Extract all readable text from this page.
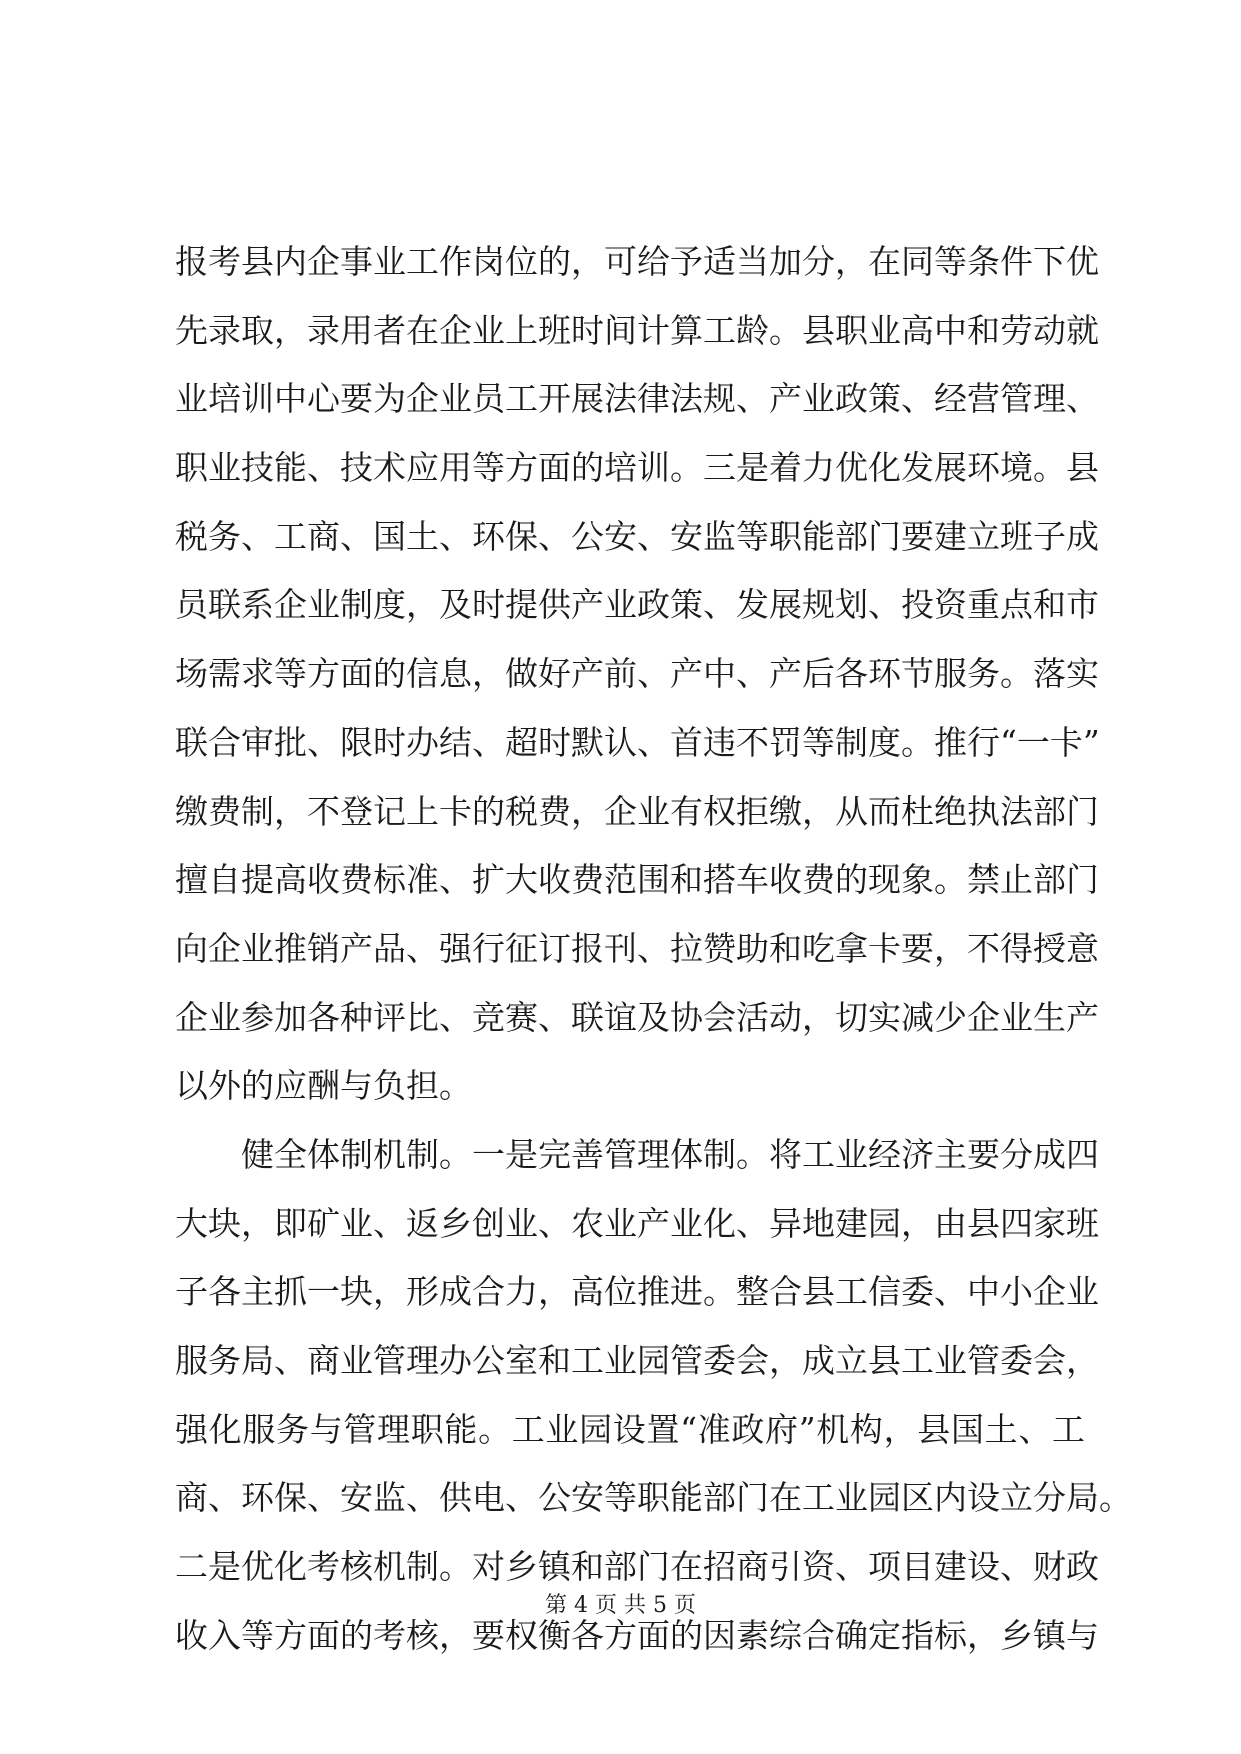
报考县内企事业工作岗位的，可给予适当加分，在同等条件下优
先录取，录用者在企业上班时间计算工龄。县职业高中和劳动就
业培训中心要为企业员工开展法律法规、产业政策、经营管理、
职业技能、技术应用等方面的培训。三是着力优化发展环境。县
税务、工商、国土、环保、公安、安监等职能部门要建立班子成
员联系企业制度，及时提供产业政策、发展规划、投资重点和市
场需求等方面的信息，做好产前、产中、产后各环节服务。落实
联合审批、限时办结、超时默认、首违不罚等制度。推行“一卡”
缴费制，不登记上卡的税费，企业有权拒缴，从而杜绝执法部门
擅自提高收费标准、扩大收费范围和搭车收费的现象。禁止部门
向企业推销产品、强行征订报刊、拉赞助和吃拿卡要，不得授意
企业参加各种评比、竞赛、联谊及协会活动，切实减少企业生产
以外的应酬与负担。
健全体制机制。一是完善管理体制。将工业经济主要分成四
大块，即矿业、返乡创业、农业产业化、异地建园，由县四家班
子各主抓一块，形成合力，高位推进。整合县工信委、中小企业
服务局、商业管理办公室和工业园管委会，成立县工业管委会，
强化服务与管理职能。工业园设置“准政府”机构，县国土、工
商、环保、安监、供电、公安等职能部门在工业园区内设立分局。
二是优化考核机制。对乡镇和部门在招商引资、项目建设、财政
收入等方面的考核，要权衡各方面的因素综合确定指标，乡镇与
第 4 页 共 5 页
